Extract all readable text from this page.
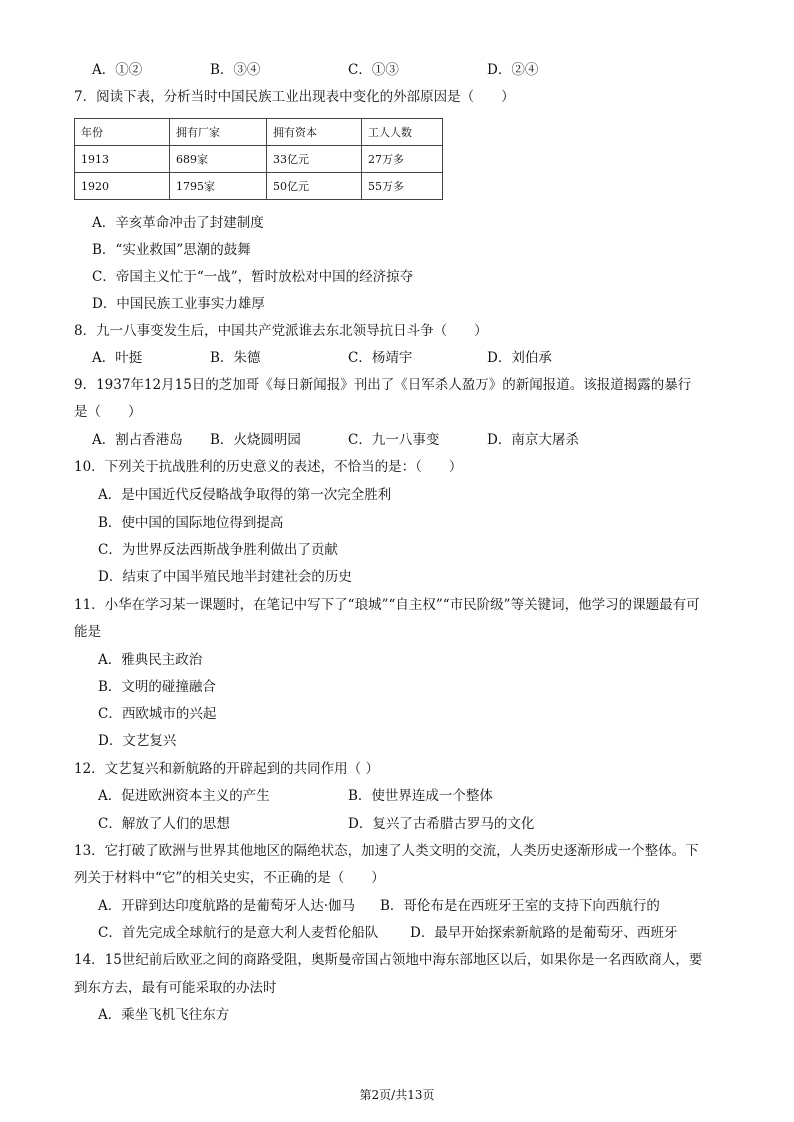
A．①②	B．③④	C．①③	D．②④
7．阅读下表，分析当时中国民族工业出现表中变化的外部原因是（　　）
年份	拥有厂家	拥有资本	工人人数
1913	689家	33亿元	27万多
1920	1795家	50亿元	55万多
A．辛亥革命冲击了封建制度
B．“实业救国”思潮的鼓舞
C．帝国主义忙于“一战”，暂时放松对中国的经济掠夺
D．中国民族工业事实力雄厚
8．九一八事变发生后，中国共产党派谁去东北领导抗日斗争（　　）
A．叶挺	B．朱德	C．杨靖宇	D．刘伯承
9．1937年12月15日的芝加哥《每日新闻报》刊出了《日军杀人盈万》的新闻报道。该报道揭露的暴行
是（　　）
A．割占香港岛 B．火烧圆明园	C．九一八事变	D．南京大屠杀
10．下列关于抗战胜利的历史意义的表述，不恰当的是：（　　）
A．是中国近代反侵略战争取得的第一次完全胜利
B．使中国的国际地位得到提高
C．为世界反法西斯战争胜利做出了贡献
D．结束了中国半殖民地半封建社会的历史
11．小华在学习某一课题时，在笔记中写下了“琅城”“自主权”“市民阶级”等关键词，他学习的课题最有可
能是
A．雅典民主政治
B．文明的碰撞融合
C．西欧城市的兴起
D．文艺复兴
12．文艺复兴和新航路的开辟起到的共同作用（ ）
A．促进欧洲资本主义的产生	B．使世界连成一个整体
C．解放了人们的思想	D．复兴了古希腊古罗马的文化
13．它打破了欧洲与世界其他地区的隔绝状态，加速了人类文明的交流，人类历史逐渐形成一个整体。下
列关于材料中“它”的相关史实，不正确的是（　　）
A．开辟到达印度航路的是葡萄牙人达·伽马 B．哥伦布是在西班牙王室的支持下向西航行的
C．首先完成全球航行的是意大利人麦哲伦船队 D．最早开始探索新航路的是葡萄牙、西班牙
14．15世纪前后欧亚之间的商路受阻，奥斯曼帝国占领地中海东部地区以后，如果你是一名西欧商人，要
到东方去，最有可能采取的办法时
A．乘坐飞机飞往东方
第2页/共13页
